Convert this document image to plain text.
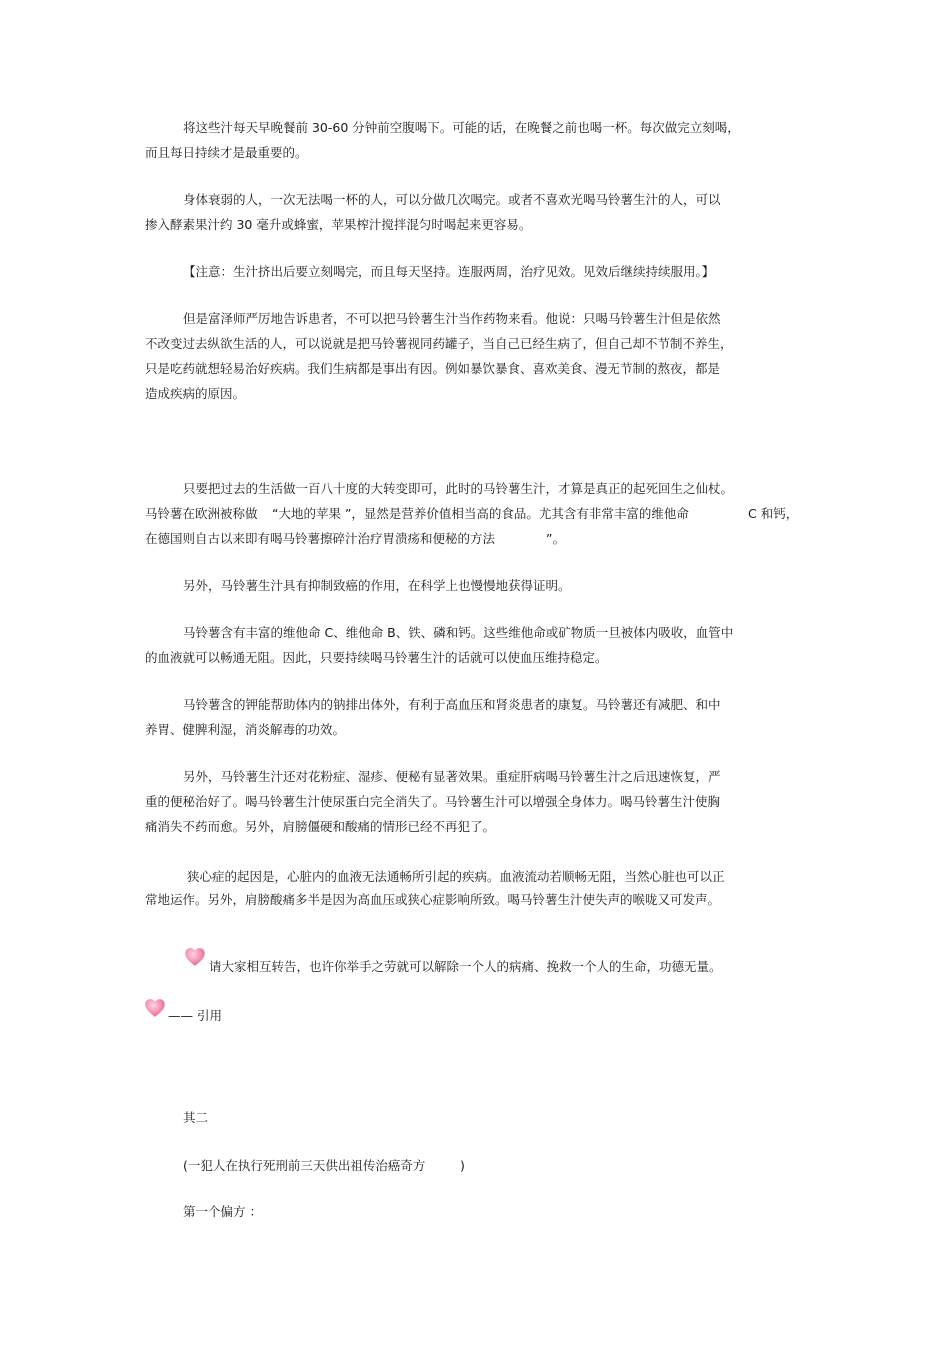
将这些汁每天早晚餐前 30-60 分钟前空腹喝下。可能的话，在晚餐之前也喝一杯。每次做完立刻喝，
而且每日持续才是最重要的。
身体衰弱的人，一次无法喝一杯的人，可以分做几次喝完。或者不喜欢光喝马铃薯生汁的人，可以
掺入酵素果汁约 30 毫升或蜂蜜，苹果榨汁搅拌混匀时喝起来更容易。
【注意：生汁挤出后要立刻喝完，而且每天坚持。连服两周，治疗见效。见效后继续持续服用。】
但是富泽师严厉地告诉患者，不可以把马铃薯生汁当作药物来看。他说：只喝马铃薯生汁但是依然
不改变过去纵欲生活的人，可以说就是把马铃薯视同药罐子，当自己已经生病了，但自己却不节制不养生，
只是吃药就想轻易治好疾病。我们生病都是事出有因。例如暴饮暴食、喜欢美食、漫无节制的熬夜，都是
造成疾病的原因。
只要把过去的生活做一百八十度的大转变即可，此时的马铃薯生汁，才算是真正的起死回生之仙杖。
马铃薯在欧洲被称做 “大地的苹果 ”，显然是营养价值相当高的食品。尤其含有非常丰富的维他命	C 和钙，
在德国则自古以来即有喝马铃薯擦碎汁治疗胃溃疡和便秘的方法	”。
另外，马铃薯生汁具有抑制致癌的作用，在科学上也慢慢地获得证明。
马铃薯含有丰富的维他命 C、维他命 B、铁、磷和钙。这些维他命或矿物质一旦被体内吸收，血管中
的血液就可以畅通无阻。因此，只要持续喝马铃薯生汁的话就可以使血压维持稳定。
马铃薯含的钾能帮助体内的钠排出体外，有利于高血压和肾炎患者的康复。马铃薯还有减肥、和中
养胃、健脾利湿，消炎解毒的功效。
另外，马铃薯生汁还对花粉症、湿疹、便秘有显著效果。重症肝病喝马铃薯生汁之后迅速恢复，严
重的便秘治好了。喝马铃薯生汁使尿蛋白完全消失了。马铃薯生汁可以增强全身体力。喝马铃薯生汁使胸
痛消失不药而愈。另外，肩膀僵硬和酸痛的情形已经不再犯了。
狭心症的起因是，心脏内的血液无法通畅所引起的疾病。血液流动若顺畅无阻，当然心脏也可以正
常地运作。另外，肩膀酸痛多半是因为高血压或狭心症影响所致。喝马铃薯生汁使失声的喉咙又可发声。
请大家相互转告，也许你举手之劳就可以解除一个人的病痛、挽救一个人的生命，功德无量。
—— 引用
其二
(一犯人在执行死刑前三天供出祖传治癌奇方	)
第一个偏方 ：
